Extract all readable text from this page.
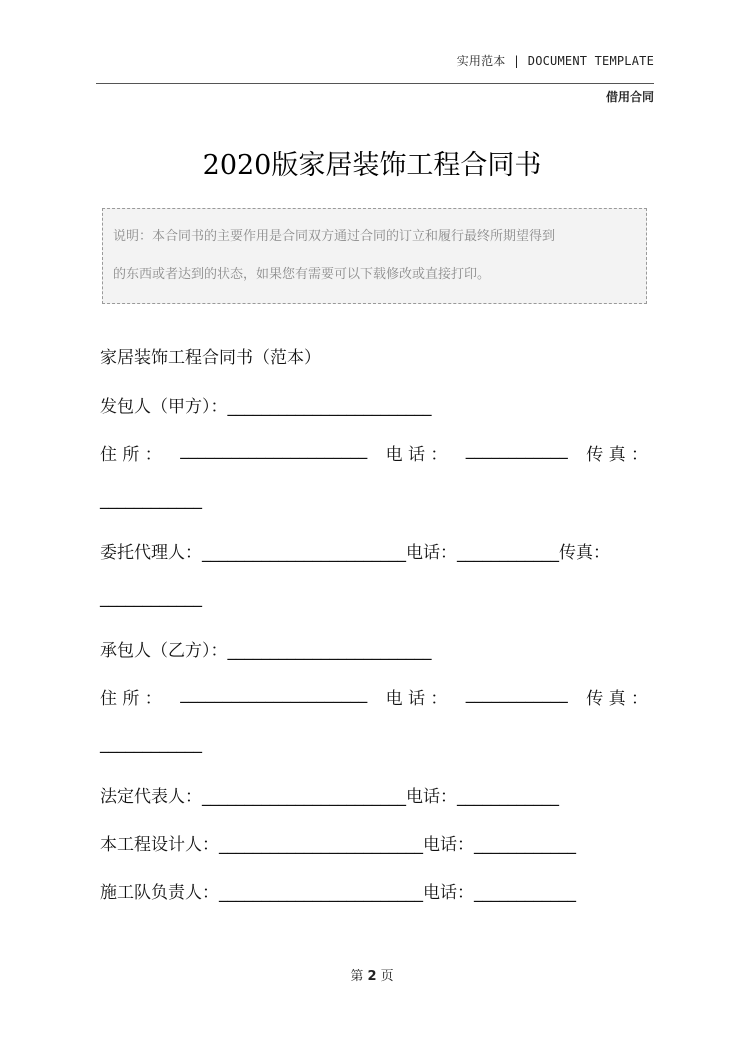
实用范本 | DOCUMENT TEMPLATE
借用合同
2020版家居装饰工程合同书
说明：本合同书的主要作用是合同双方通过合同的订立和履行最终所期望得到
的东西或者达到的状态，如果您有需要可以下载修改或直接打印。
家居装饰工程合同书（范本）
发包人（甲方）：________________________
住 所 ： ______________________ 电 话 ： ____________ 传 真 ：
____________
委托代理人：________________________电话：____________传真：
____________
承包人（乙方）：________________________
住 所 ： ______________________ 电 话 ： ____________ 传 真 ：
____________
法定代表人：________________________电话：____________
本工程设计人：________________________电话：____________
施工队负责人：________________________电话：____________
第 2 页
